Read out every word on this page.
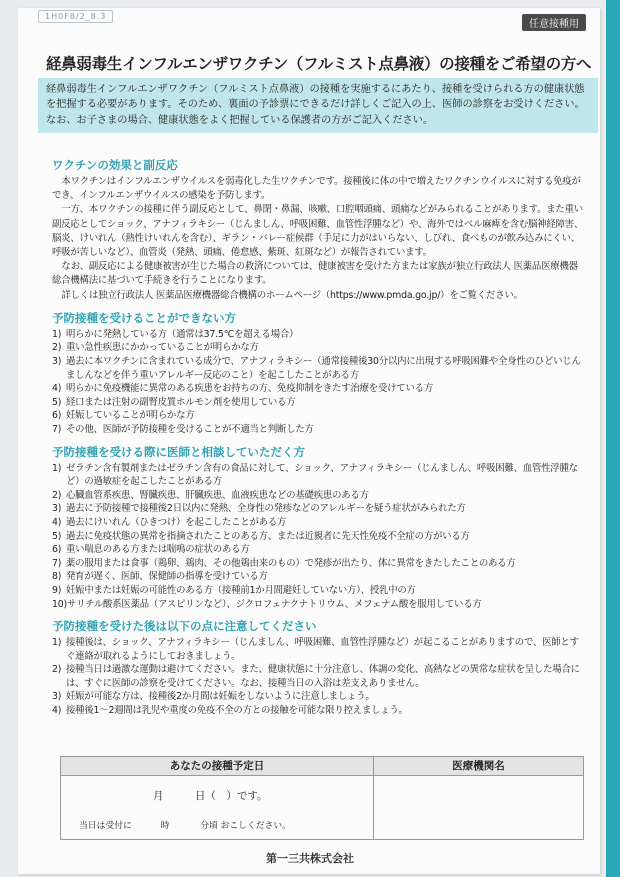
1H0F8/2_8.3
任意接種用
経鼻弱毒生インフルエンザワクチン（フルミスト点鼻液）の接種をご希望の方へ

経鼻弱毒生インフルエンザワクチン（フルミスト点鼻液）の接種を実施するにあたり、接種を受けられる方の健康状態を把握する必要があります。そのため、裏面の予診票にできるだけ詳しくご記入の上、医師の診察をお受けください。

なお、お子さまの場合、健康状態をよく把握している保護者の方がご記入ください。

ワクチンの効果と副反応

本ワクチンはインフルエンザウイルスを弱毒化した生ワクチンです。接種後に体の中で増えたワクチンウイルスに対する免疫ができ、インフルエンザウイルスの感染を予防します。

一方、本ワクチンの接種に伴う副反応として、鼻閉・鼻漏、咳嗽、口腔咽頭痛、頭痛などがみられることがあります。また重い副反応としてショック、アナフィラキシー（じんましん、呼吸困難、血管性浮腫など）や、海外ではベル麻痺を含む脳神経障害、脳炎、けいれん（熱性けいれんを含む）、ギラン・バレー症候群（手足に力がはいらない、しびれ、食べものが飲み込みにくい、呼吸が苦しいなど）、血管炎（発熱、頭痛、倦怠感、紫斑、紅斑など）が報告されています。

なお、副反応による健康被害が生じた場合の救済については、健康被害を受けた方または家族が独立行政法人 医薬品医療機器総合機構法に基づいて手続きを行うことになります。

詳しくは独立行政法人 医薬品医療機器総合機構のホームページ（https://www.pmda.go.jp/）をご覧ください。

予防接種を受けることができない方
1) 明らかに発熱している方（通常は37.5℃を超える場合）
2) 重い急性疾患にかかっていることが明らかな方
3) 過去に本ワクチンに含まれている成分で、アナフィラキシー（通常接種後30分以内に出現する呼吸困難や全身性のひどいじんましんなどを伴う重いアレルギー反応のこと）を起こしたことがある方
4) 明らかに免疫機能に異常のある疾患をお持ちの方、免疫抑制をきたす治療を受けている方
5) 経口または注射の副腎皮質ホルモン剤を使用している方
6) 妊娠していることが明らかな方
7) その他、医師が予防接種を受けることが不適当と判断した方
予防接種を受ける際に医師と相談していただく方
1) ゼラチン含有製剤またはゼラチン含有の食品に対して、ショック、アナフィラキシー（じんましん、呼吸困難、血管性浮腫など）の過敏症を起こしたことがある方
2) 心臓血管系疾患、腎臓疾患、肝臓疾患、血液疾患などの基礎疾患のある方
3) 過去に予防接種で接種後2日以内に発熱、全身性の発疹などのアレルギーを疑う症状がみられた方
4) 過去にけいれん（ひきつけ）を起こしたことがある方
5) 過去に免疫状態の異常を指摘されたことのある方、または近親者に先天性免疫不全症の方がいる方
6) 重い喘息のある方または喘鳴の症状のある方
7) 薬の服用または食事（鶏卵、鶏肉、その他鶏由来のもの）で発疹が出たり、体に異常をきたしたことのある方
8) 発育が遅く、医師、保健師の指導を受けている方
9) 妊娠中または妊娠の可能性のある方（接種前1か月間避妊していない方）、授乳中の方
10) サリチル酸系医薬品（アスピリンなど）、ジクロフェナクナトリウム、メフェナム酸を服用している方
予防接種を受けた後は以下の点に注意してください
1) 接種後は、ショック、アナフィラキシー（じんましん、呼吸困難、血管性浮腫など）が起こることがありますので、医師とすぐ連絡が取れるようにしておきましょう。
2) 接種当日は過激な運動は避けてください。また、健康状態に十分注意し、体調の変化、高熱などの異常な症状を呈した場合には、すぐに医師の診察を受けてください。なお、接種当日の入浴は差支えありません。
3) 妊娠が可能な方は、接種後2か月間は妊娠をしないように注意しましょう。
4) 接種後1～2週間は乳児や重度の免疫不全の方との接触を可能な限り控えましょう。
あなたの接種予定日	医療機関名
月	日（　）です。
当日は受付に	時	分頃 おこしください。
第一三共株式会社
